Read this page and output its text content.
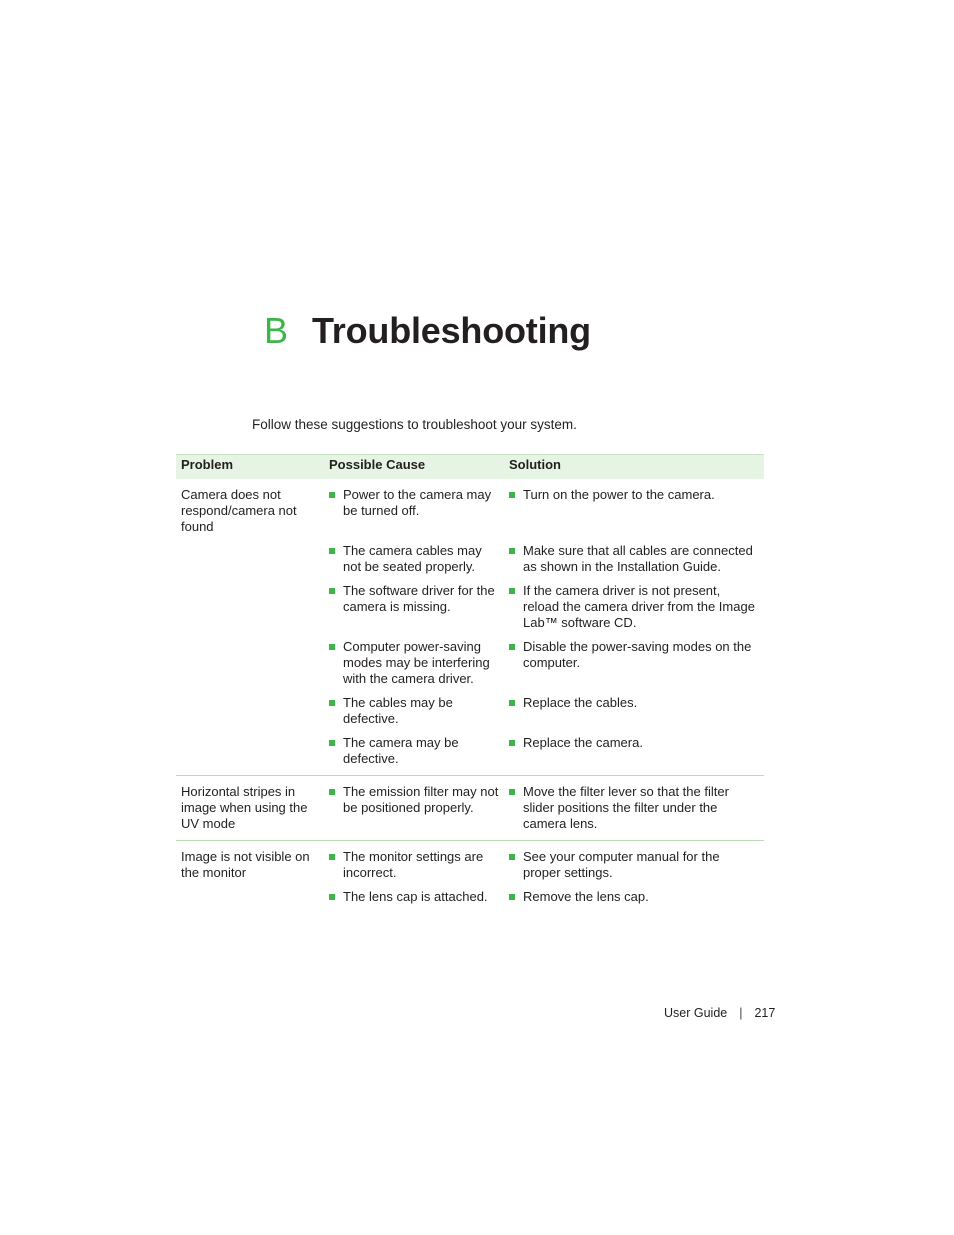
B Troubleshooting
Follow these suggestions to troubleshoot your system.
Problem	Possible Cause	Solution
Camera does not respond/camera not found	Power to the camera may be turned off.	Turn on the power to the camera.

	The camera cables may not be seated properly.	Make sure that all cables are connected as shown in the Installation Guide.

	The software driver for the camera is missing.	If the camera driver is not present, reload the camera driver from the Image Lab™ software CD.

	Computer power-saving modes may be interfering with the camera driver.	Disable the power-saving modes on the computer.

	The cables may be defective.	Replace the cables.

	The camera may be defective.	Replace the camera.

Horizontal stripes in image when using the UV mode	The emission filter may not be positioned properly.	Move the filter lever so that the filter slider positions the filter under the camera lens.

Image is not visible on the monitor	The monitor settings are incorrect.	See your computer manual for the proper settings.

	The lens cap is attached.	Remove the lens cap.
User Guide | 217
